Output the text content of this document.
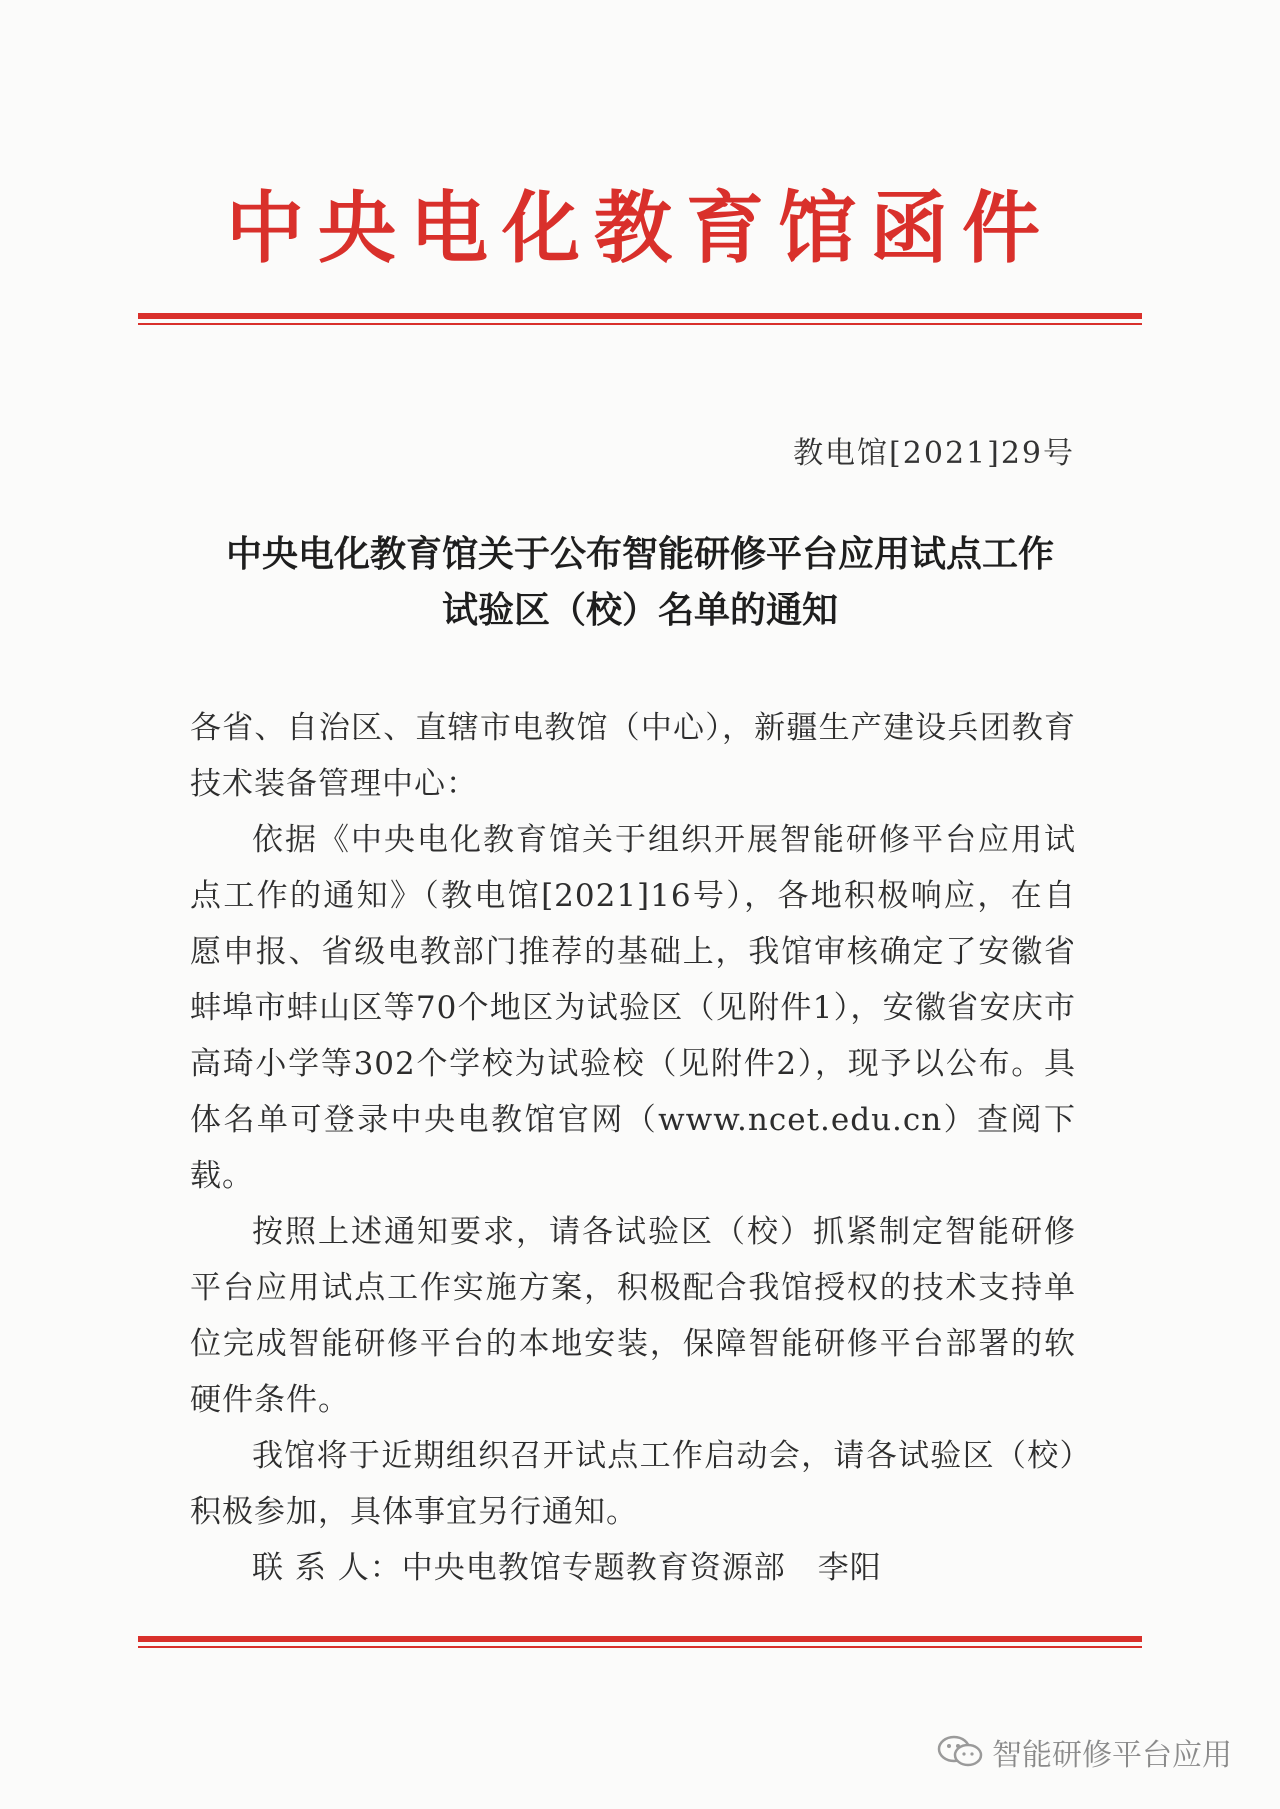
中央电化教育馆函件
教电馆[2021]29号
中央电化教育馆关于公布智能研修平台应用试点工作
试验区（校）名单的通知

各省、自治区、直辖市电教馆（中心），新疆生产建设兵团教育技术装备管理中心：

依据《中央电化教育馆关于组织开展智能研修平台应用试点工作的通知》（教电馆[2021]16号），各地积极响应，在自愿申报、省级电教部门推荐的基础上，我馆审核确定了安徽省蚌埠市蚌山区等70个地区为试验区（见附件1），安徽省安庆市高琦小学等302个学校为试验校（见附件2），现予以公布。具体名单可登录中央电教馆官网（www.ncet.edu.cn）查阅下载。

按照上述通知要求，请各试验区（校）抓紧制定智能研修平台应用试点工作实施方案，积极配合我馆授权的技术支持单位完成智能研修平台的本地安装，保障智能研修平台部署的软硬件条件。

我馆将于近期组织召开试点工作启动会，请各试验区（校）积极参加，具体事宜另行通知。

联 系 人：中央电教馆专题教育资源部　李阳

智能研修平台应用
